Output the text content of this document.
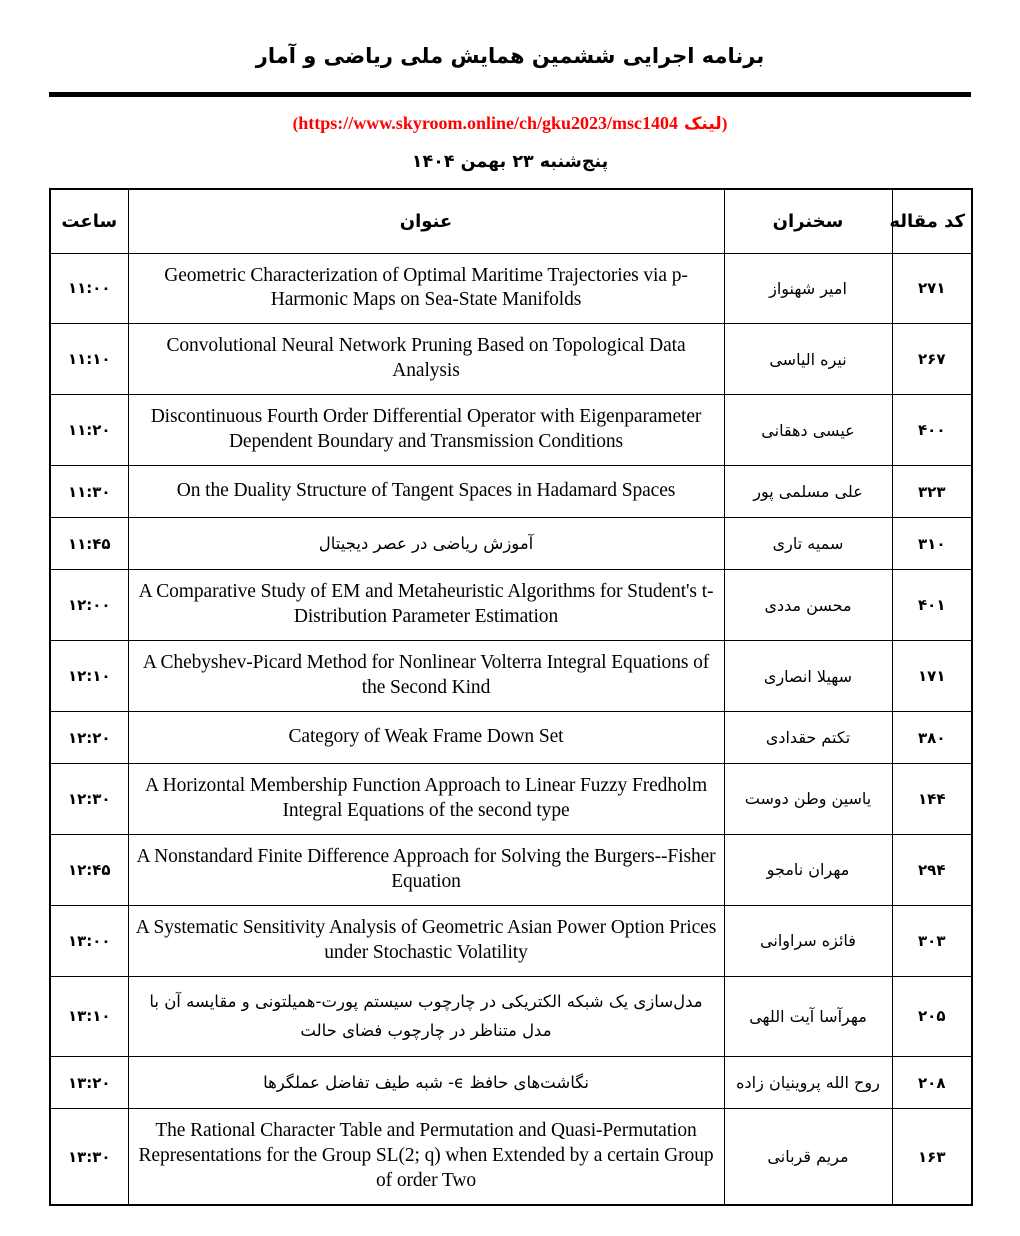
برنامه اجرایی ششمین همایش ملی ریاضی و آمار
(لینکhttps://www.skyroom.online/ch/gku2023/msc1404)
پنج‌شنبه ۲۳ بهمن ۱۴۰۴
ساعت	عنوان	سخنران	کد مقاله
۱۱:۰۰	Geometric Characterization of Optimal Maritime Trajectories via p-Harmonic Maps on Sea-State Manifolds	امیر شهنواز	۲۷۱
۱۱:۱۰	Convolutional Neural Network Pruning Based on Topological Data Analysis	نیره الیاسی	۲۶۷
۱۱:۲۰	Discontinuous Fourth Order Differential Operator with Eigenparameter Dependent Boundary and Transmission Conditions	عیسی دهقانی	۴۰۰
۱۱:۳۰	On the Duality Structure of Tangent Spaces in Hadamard Spaces	علی مسلمی پور	۳۲۳
۱۱:۴۵	آموزش ریاضی در عصر دیجیتال	سمیه تاری	۳۱۰
۱۲:۰۰	A Comparative Study of EM and Metaheuristic Algorithms for Student's t-Distribution Parameter Estimation	محسن مددی	۴۰۱
۱۲:۱۰	A Chebyshev-Picard Method for Nonlinear Volterra Integral Equations of the Second Kind	سهیلا انصاری	۱۷۱
۱۲:۲۰	Category of Weak Frame Down Set	تکتم حقدادی	۳۸۰
۱۲:۳۰	A Horizontal Membership Function Approach to Linear Fuzzy Fredholm Integral Equations of the second type	یاسین وطن دوست	۱۴۴
۱۲:۴۵	A Nonstandard Finite Difference Approach for Solving the Burgers--Fisher Equation	مهران نامجو	۲۹۴
۱۳:۰۰	A Systematic Sensitivity Analysis of Geometric Asian Power Option Prices under Stochastic Volatility	فائزه سراوانی	۳۰۳
۱۳:۱۰	مدل‌سازی یک شبکه الکتریکی در چارچوب سیستم پورت-همیلتونی و مقایسه آن با مدل متناظر در چارچوب فضای حالت	مهرآسا آیت اللهی	۲۰۵
۱۳:۲۰	نگاشت‌های حافظ ϵ- شبه طیف تفاضل عملگرها	روح الله پروینیان زاده	۲۰۸
۱۳:۳۰	The Rational Character Table and Permutation and Quasi-Permutation Representations for the Group SL(2; q) when Extended by a certain Group of order Two	مریم قربانی	۱۶۳
